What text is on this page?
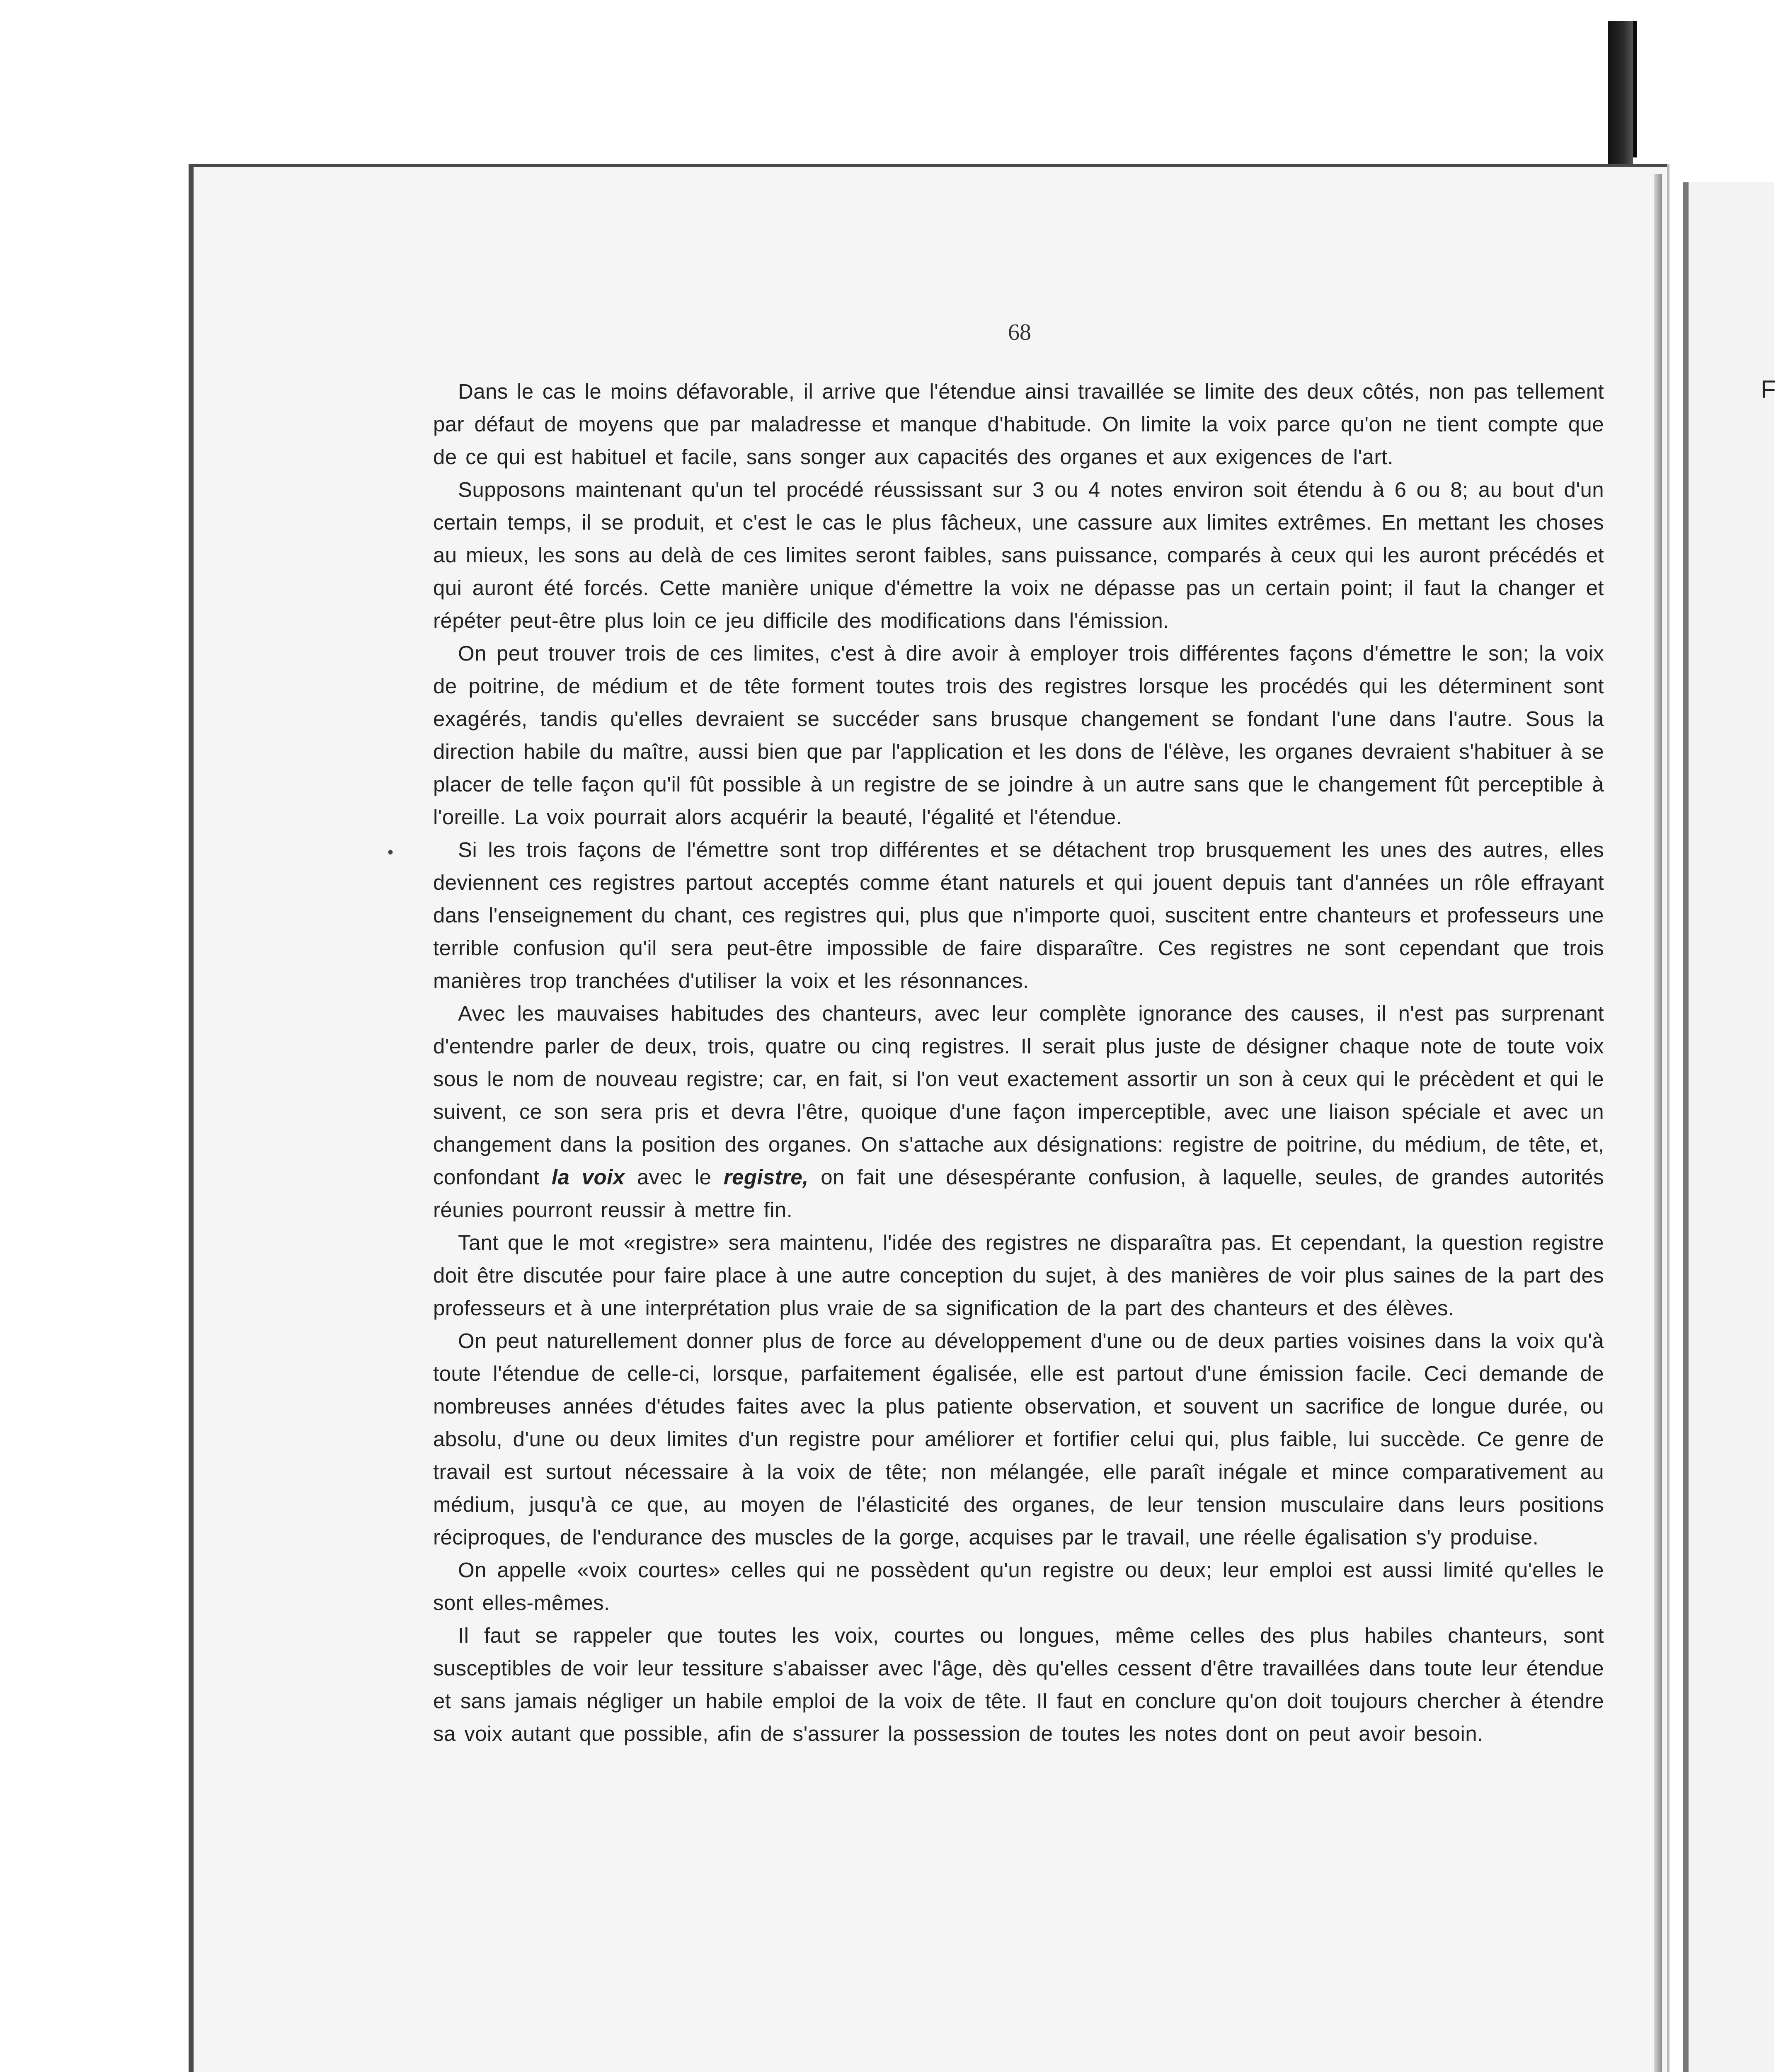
F
68
•

Dans le cas le moins défavorable, il arrive que l'étendue ainsi travaillée se limite des deux côtés, non pas tellement par défaut de moyens que par maladresse et manque d'habitude. On limite la voix parce qu'on ne tient compte que de ce qui est habituel et facile, sans songer aux capacités des organes et aux exigences de l'art.

Supposons maintenant qu'un tel procédé réussissant sur 3 ou 4 notes environ soit étendu à 6 ou 8; au bout d'un certain temps, il se produit, et c'est le cas le plus fâcheux, une cassure aux limites extrêmes. En mettant les choses au mieux, les sons au delà de ces limites seront faibles, sans puissance, comparés à ceux qui les auront précédés et qui auront été forcés. Cette manière unique d'émettre la voix ne dépasse pas un certain point; il faut la changer et répéter peut-être plus loin ce jeu difficile des modifications dans l'émission.

On peut trouver trois de ces limites, c'est à dire avoir à employer trois différentes façons d'émettre le son; la voix de poitrine, de médium et de tête forment toutes trois des registres lorsque les procédés qui les déterminent sont exagérés, tandis qu'elles devraient se succéder sans brusque changement se fondant l'une dans l'autre. Sous la direction habile du maître, aussi bien que par l'application et les dons de l'élève, les organes devraient s'habituer à se placer de telle façon qu'il fût possible à un registre de se joindre à un autre sans que le changement fût perceptible à l'oreille. La voix pourrait alors acquérir la beauté, l'égalité et l'étendue.

Si les trois façons de l'émettre sont trop différentes et se détachent trop brusquement les unes des autres, elles deviennent ces registres partout acceptés comme étant naturels et qui jouent depuis tant d'années un rôle effrayant dans l'enseignement du chant, ces registres qui, plus que n'importe quoi, suscitent entre chanteurs et professeurs une terrible confusion qu'il sera peut-être impossible de faire disparaître. Ces registres ne sont cependant que trois manières trop tranchées d'utiliser la voix et les résonnances.

Avec les mauvaises habitudes des chanteurs, avec leur complète ignorance des causes, il n'est pas surprenant d'entendre parler de deux, trois, quatre ou cinq registres. Il serait plus juste de désigner chaque note de toute voix sous le nom de nouveau registre; car, en fait, si l'on veut exactement assortir un son à ceux qui le précèdent et qui le suivent, ce son sera pris et devra l'être, quoique d'une façon imperceptible, avec une liaison spéciale et avec un changement dans la position des organes. On s'attache aux désignations: registre de poitrine, du médium, de tête, et, confondant la voix avec le registre, on fait une désespérante confusion, à laquelle, seules, de grandes autorités réunies pourront reussir à mettre fin.

Tant que le mot «registre» sera maintenu, l'idée des registres ne disparaîtra pas. Et cependant, la question registre doit être discutée pour faire place à une autre conception du sujet, à des manières de voir plus saines de la part des professeurs et à une interprétation plus vraie de sa signification de la part des chanteurs et des élèves.

On peut naturellement donner plus de force au développement d'une ou de deux parties voisines dans la voix qu'à toute l'étendue de celle-ci, lorsque, parfaitement égalisée, elle est partout d'une émission facile. Ceci demande de nombreuses années d'études faites avec la plus patiente observation, et souvent un sacrifice de longue durée, ou absolu, d'une ou deux limites d'un registre pour améliorer et fortifier celui qui, plus faible, lui succède. Ce genre de travail est surtout nécessaire à la voix de tête; non mélangée, elle paraît inégale et mince comparativement au médium, jusqu'à ce que, au moyen de l'élasticité des organes, de leur tension musculaire dans leurs positions réciproques, de l'endurance des muscles de la gorge, acquises par le travail, une réelle égalisation s'y produise.

On appelle «voix courtes» celles qui ne possèdent qu'un registre ou deux; leur emploi est aussi limité qu'elles le sont elles-mêmes.

Il faut se rappeler que toutes les voix, courtes ou longues, même celles des plus habiles chanteurs, sont susceptibles de voir leur tessiture s'abaisser avec l'âge, dès qu'elles cessent d'être travaillées dans toute leur étendue et sans jamais négliger un habile emploi de la voix de tête. Il faut en conclure qu'on doit toujours chercher à étendre sa voix autant que possible, afin de s'assurer la possession de toutes les notes dont on peut avoir besoin.
